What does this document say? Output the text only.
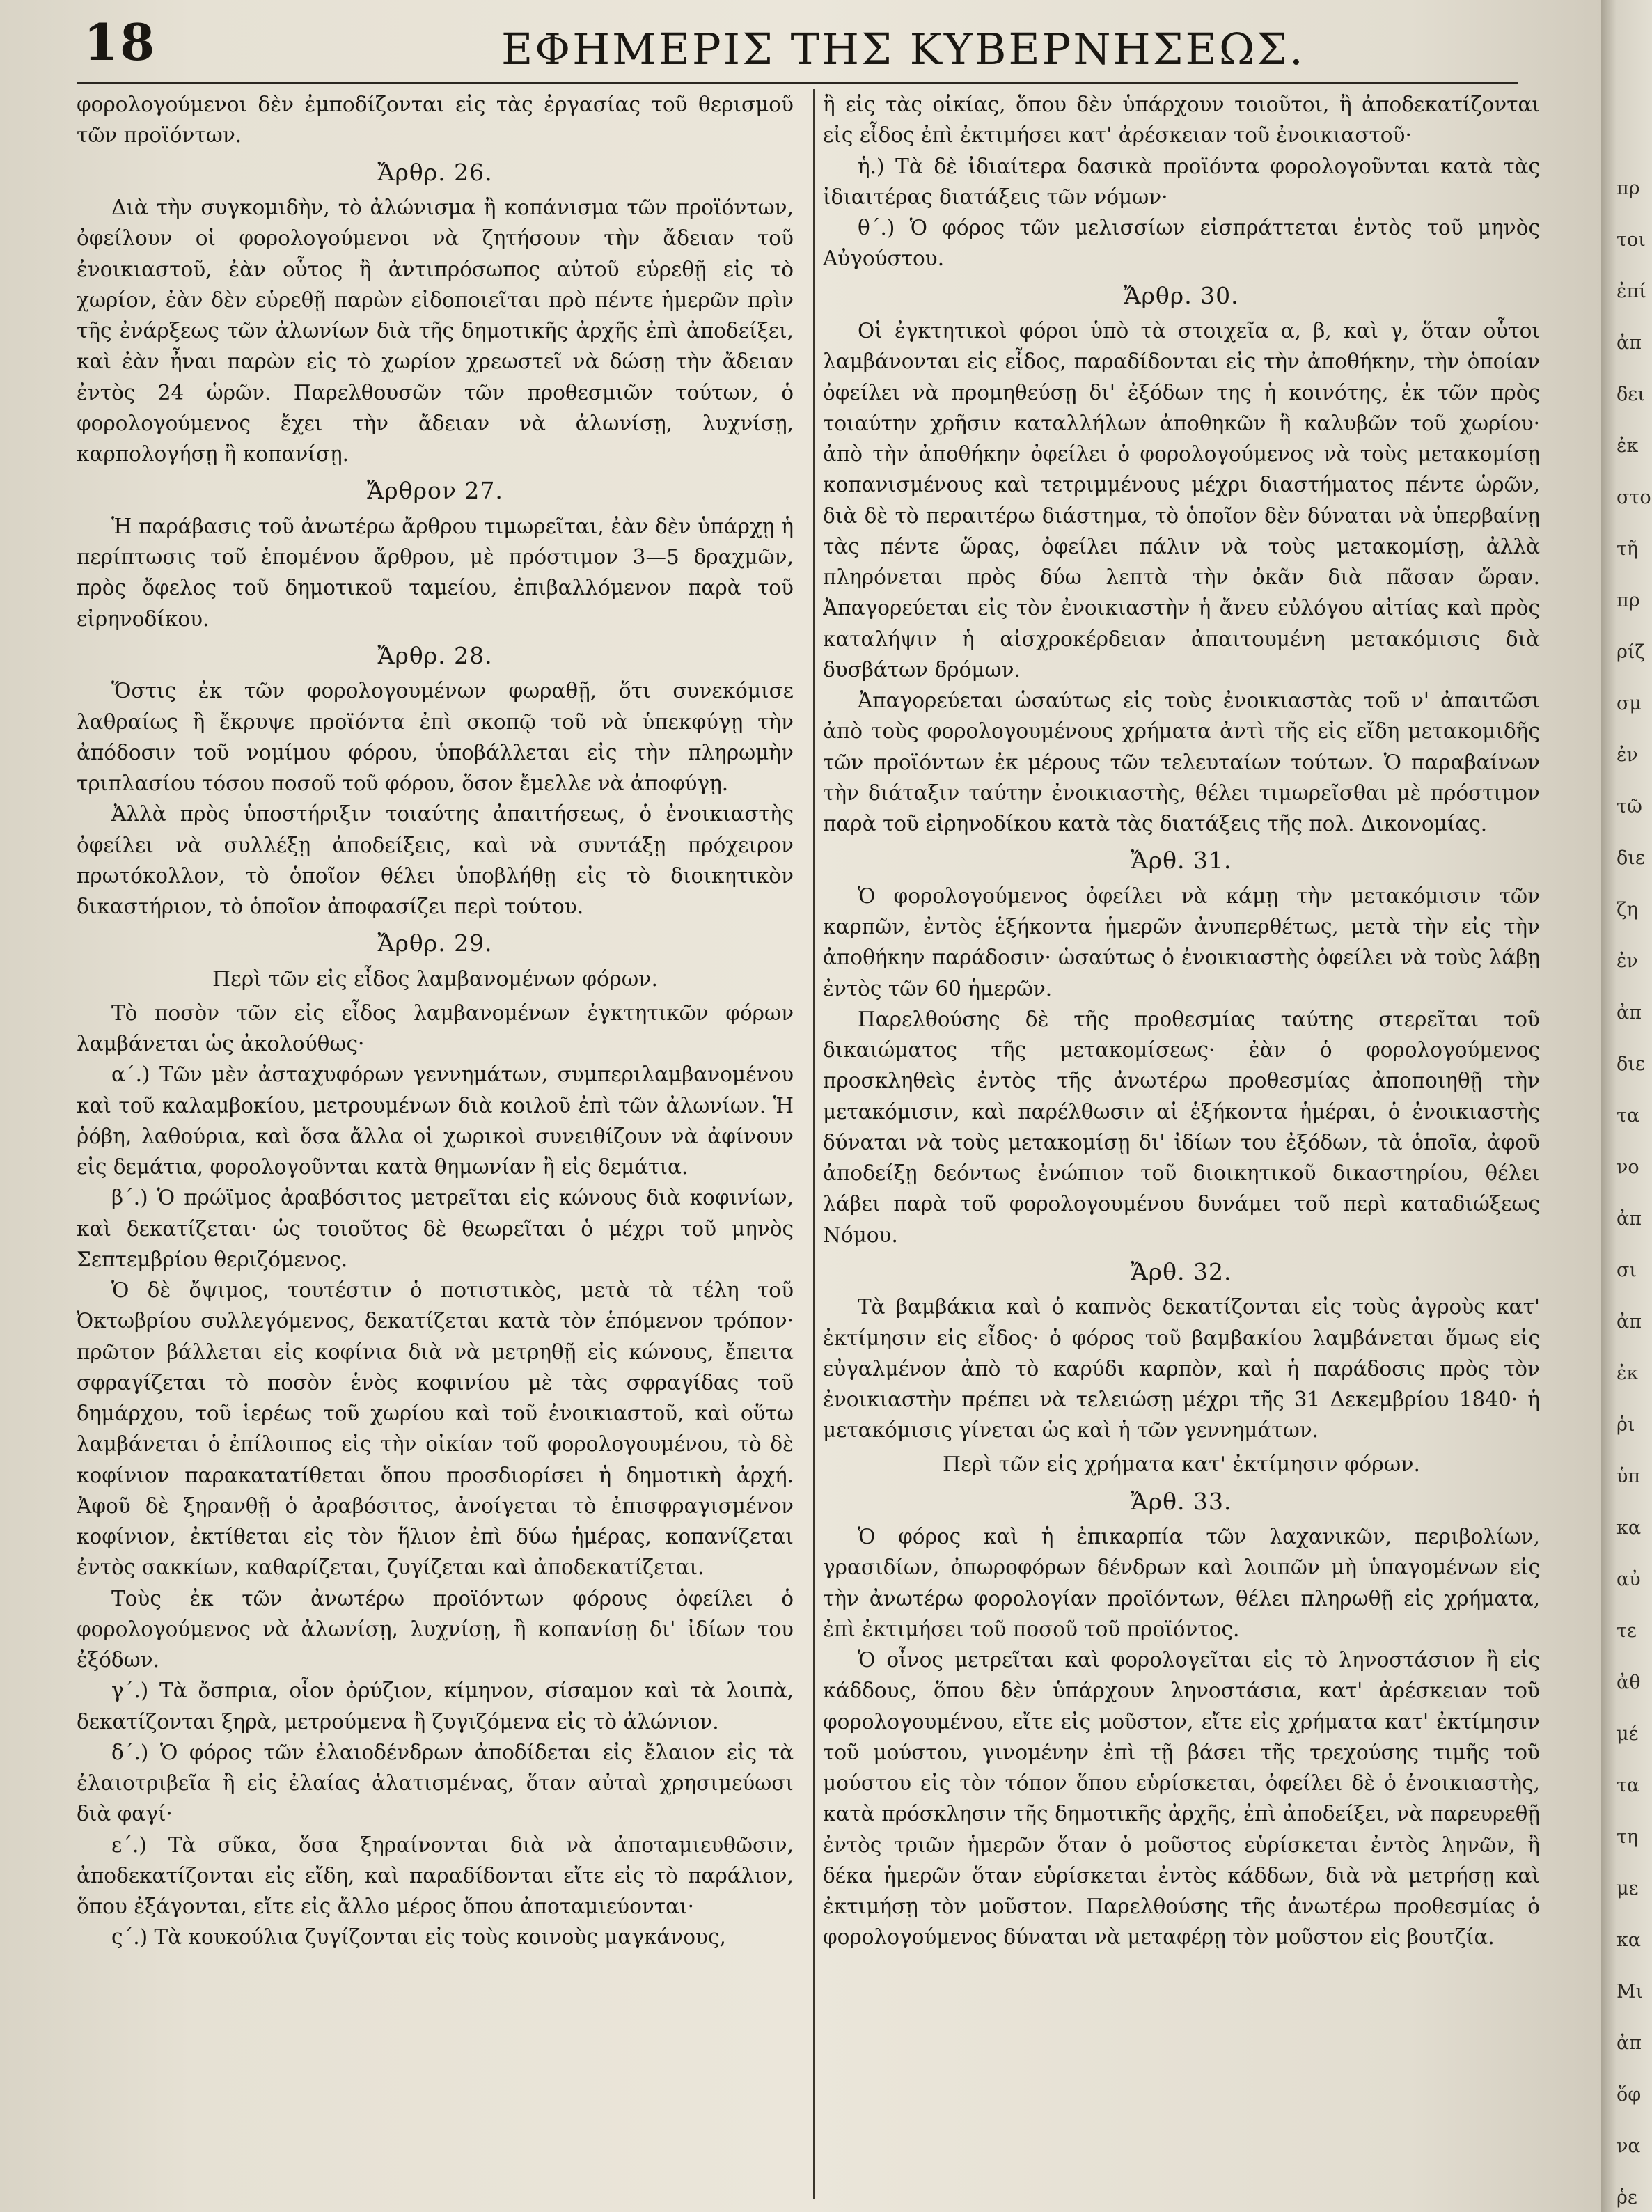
18	ΕΦΗΜΕΡΙΣ ΤΗΣ ΚΥΒΕΡΝΗΣΕΩΣ.

φορολογούμενοι δὲν ἐμποδίζονται εἰς τὰς ἐργασίας τοῦ θερισμοῦ τῶν προϊόντων.

Ἄρθρ. 26.

Διὰ τὴν συγκομιδὴν, τὸ ἀλώνισμα ἢ κοπάνισμα τῶν προϊόντων, ὀφείλουν οἱ φορολογούμενοι νὰ ζητήσουν τὴν ἄδειαν τοῦ ἐνοικιαστοῦ, ἐὰν οὗτος ἢ ἀντιπρόσωπος αὐτοῦ εὑρεθῇ εἰς τὸ χωρίον, ἐὰν δὲν εὑρεθῇ παρὼν εἰδοποιεῖται πρὸ πέντε ἡμερῶν πρὶν τῆς ἐνάρξεως τῶν ἀλωνίων διὰ τῆς δημοτικῆς ἀρχῆς ἐπὶ ἀποδείξει, καὶ ἐὰν ἦναι παρὼν εἰς τὸ χωρίον χρεωστεῖ νὰ δώσῃ τὴν ἄδειαν ἐντὸς 24 ὡρῶν. Παρελθουσῶν τῶν προθεσμιῶν τούτων, ὁ φορολογούμενος ἔχει τὴν ἄδειαν νὰ ἀλωνίσῃ, λυχνίσῃ, καρπολογήσῃ ἢ κοπανίσῃ.

Ἄρθρον 27.

Ἡ παράβασις τοῦ ἀνωτέρω ἄρθρου τιμωρεῖται, ἐὰν δὲν ὑπάρχῃ ἡ περίπτωσις τοῦ ἑπομένου ἄρθρου, μὲ πρόστιμον 3—5 δραχμῶν, πρὸς ὄφελος τοῦ δημοτικοῦ ταμείου, ἐπιβαλλόμενον παρὰ τοῦ εἰρηνοδίκου.

Ἄρθρ. 28.

Ὅστις ἐκ τῶν φορολογουμένων φωραθῇ, ὅτι συνεκόμισε λαθραίως ἢ ἔκρυψε προϊόντα ἐπὶ σκοπῷ τοῦ νὰ ὑπεκφύγῃ τὴν ἀπόδοσιν τοῦ νομίμου φόρου, ὑποβάλλεται εἰς τὴν πληρωμὴν τριπλασίου τόσου ποσοῦ τοῦ φόρου, ὅσον ἔμελλε νὰ ἀποφύγῃ.

Ἀλλὰ πρὸς ὑποστήριξιν τοιαύτης ἀπαιτήσεως, ὁ ἐνοικιαστὴς ὀφείλει νὰ συλλέξῃ ἀποδείξεις, καὶ νὰ συντάξῃ πρόχειρον πρωτόκολλον, τὸ ὁποῖον θέλει ὑποβλήθῃ εἰς τὸ διοικητικὸν δικαστήριον, τὸ ὁποῖον ἀποφασίζει περὶ τούτου.

Ἄρθρ. 29.
Περὶ τῶν εἰς εἶδος λαμβανομένων φόρων.

Τὸ ποσὸν τῶν εἰς εἶδος λαμβανομένων ἐγκτητικῶν φόρων λαμβάνεται ὡς ἀκολούθως·

α΄.) Τῶν μὲν ἀσταχυφόρων γεννημάτων, συμπεριλαμβανομένου καὶ τοῦ καλαμβοκίου, μετρουμένων διὰ κοιλοῦ ἐπὶ τῶν ἀλωνίων. Ἡ ῥόβη, λαθούρια, καὶ ὅσα ἄλλα οἱ χωρικοὶ συνειθίζουν νὰ ἀφίνουν εἰς δεμάτια, φορολογοῦνται κατὰ θημωνίαν ἢ εἰς δεμάτια.

β΄.) Ὁ πρώϊμος ἀραβόσιτος μετρεῖται εἰς κώνους διὰ κοφινίων, καὶ δεκατίζεται· ὡς τοιοῦτος δὲ θεωρεῖται ὁ μέχρι τοῦ μηνὸς Σεπτεμβρίου θεριζόμενος.

Ὁ δὲ ὄψιμος, τουτέστιν ὁ ποτιστικὸς, μετὰ τὰ τέλη τοῦ Ὀκτωβρίου συλλεγόμενος, δεκατίζεται κατὰ τὸν ἑπόμενον τρόπον· πρῶτον βάλλεται εἰς κοφίνια διὰ νὰ μετρηθῇ εἰς κώνους, ἔπειτα σφραγίζεται τὸ ποσὸν ἑνὸς κοφινίου μὲ τὰς σφραγίδας τοῦ δημάρχου, τοῦ ἱερέως τοῦ χωρίου καὶ τοῦ ἐνοικιαστοῦ, καὶ οὕτω λαμβάνεται ὁ ἐπίλοιπος εἰς τὴν οἰκίαν τοῦ φορολογουμένου, τὸ δὲ κοφίνιον παρακατατίθεται ὅπου προσδιορίσει ἡ δημοτικὴ ἀρχή. Ἀφοῦ δὲ ξηρανθῇ ὁ ἀραβόσιτος, ἀνοίγεται τὸ ἐπισφραγισμένον κοφίνιον, ἐκτίθεται εἰς τὸν ἥλιον ἐπὶ δύω ἡμέρας, κοπανίζεται ἐντὸς σακκίων, καθαρίζεται, ζυγίζεται καὶ ἀποδεκατίζεται.

Τοὺς ἐκ τῶν ἀνωτέρω προϊόντων φόρους ὀφείλει ὁ φορολογούμενος νὰ ἀλωνίσῃ, λυχνίσῃ, ἢ κοπανίσῃ δι' ἰδίων του ἐξόδων.

γ΄.) Τὰ ὄσπρια, οἷον ὀρύζιον, κίμηνον, σίσαμον καὶ τὰ λοιπὰ, δεκατίζονται ξηρὰ, μετρούμενα ἢ ζυγιζόμενα εἰς τὸ ἀλώνιον.

δ΄.) Ὁ φόρος τῶν ἐλαιοδένδρων ἀποδίδεται εἰς ἔλαιον εἰς τὰ ἐλαιοτριβεῖα ἢ εἰς ἐλαίας ἁλατισμένας, ὅταν αὐταὶ χρησιμεύωσι διὰ φαγί·

ε΄.) Τὰ σῦκα, ὅσα ξηραίνονται διὰ νὰ ἀποταμιευθῶσιν, ἀποδεκατίζονται εἰς εἴδη, καὶ παραδίδονται εἴτε εἰς τὸ παράλιον, ὅπου ἐξάγονται, εἴτε εἰς ἄλλο μέρος ὅπου ἀποταμιεύονται·

ς΄.) Τὰ κουκούλια ζυγίζονται εἰς τοὺς κοινοὺς μαγκάνους,

ἢ εἰς τὰς οἰκίας, ὅπου δὲν ὑπάρχουν τοιοῦτοι, ἢ ἀποδεκατίζονται εἰς εἶδος ἐπὶ ἐκτιμήσει κατ' ἀρέσκειαν τοῦ ἐνοικιαστοῦ·

ἡ.) Τὰ δὲ ἰδιαίτερα δασικὰ προϊόντα φορολογοῦνται κατὰ τὰς ἰδιαιτέρας διατάξεις τῶν νόμων·

θ΄.) Ὁ φόρος τῶν μελισσίων εἰσπράττεται ἐντὸς τοῦ μηνὸς Αὐγούστου.

Ἄρθρ. 30.

Οἱ ἐγκτητικοὶ φόροι ὑπὸ τὰ στοιχεῖα α, β, καὶ γ, ὅταν οὗτοι λαμβάνονται εἰς εἶδος, παραδίδονται εἰς τὴν ἀποθήκην, τὴν ὁποίαν ὀφείλει νὰ προμηθεύσῃ δι' ἐξόδων της ἡ κοινότης, ἐκ τῶν πρὸς τοιαύτην χρῆσιν καταλλήλων ἀποθηκῶν ἢ καλυβῶν τοῦ χωρίου· ἀπὸ τὴν ἀποθήκην ὀφείλει ὁ φορολογούμενος νὰ τοὺς μετακομίσῃ κοπανισμένους καὶ τετριμμένους μέχρι διαστήματος πέντε ὡρῶν, διὰ δὲ τὸ περαιτέρω διάστημα, τὸ ὁποῖον δὲν δύναται νὰ ὑπερβαίνῃ τὰς πέντε ὥρας, ὀφείλει πάλιν νὰ τοὺς μετακομίσῃ, ἀλλὰ πληρόνεται πρὸς δύω λεπτὰ τὴν ὀκᾶν διὰ πᾶσαν ὥραν. Ἀπαγορεύεται εἰς τὸν ἐνοικιαστὴν ἡ ἄνευ εὐλόγου αἰτίας καὶ πρὸς καταλήψιν ἡ αἰσχροκέρδειαν ἀπαιτουμένη μετακόμισις διὰ δυσβάτων δρόμων.

Ἀπαγορεύεται ὡσαύτως εἰς τοὺς ἐνοικιαστὰς τοῦ ν' ἀπαιτῶσι ἀπὸ τοὺς φορολογουμένους χρήματα ἀντὶ τῆς εἰς εἴδη μετακομιδῆς τῶν προϊόντων ἐκ μέρους τῶν τελευταίων τούτων. Ὁ παραβαίνων τὴν διάταξιν ταύτην ἐνοικιαστὴς, θέλει τιμωρεῖσθαι μὲ πρόστιμον παρὰ τοῦ εἰρηνοδίκου κατὰ τὰς διατάξεις τῆς πολ. Δικονομίας.

Ἄρθ. 31.

Ὁ φορολογούμενος ὀφείλει νὰ κάμῃ τὴν μετακόμισιν τῶν καρπῶν, ἐντὸς ἑξήκοντα ἡμερῶν ἀνυπερθέτως, μετὰ τὴν εἰς τὴν ἀποθήκην παράδοσιν· ὡσαύτως ὁ ἐνοικιαστὴς ὀφείλει νὰ τοὺς λάβῃ ἐντὸς τῶν 60 ἡμερῶν.

Παρελθούσης δὲ τῆς προθεσμίας ταύτης στερεῖται τοῦ δικαιώματος τῆς μετακομίσεως· ἐὰν ὁ φορολογούμενος προσκληθεὶς ἐντὸς τῆς ἀνωτέρω προθεσμίας ἀποποιηθῇ τὴν μετακόμισιν, καὶ παρέλθωσιν αἱ ἑξήκοντα ἡμέραι, ὁ ἐνοικιαστὴς δύναται νὰ τοὺς μετακομίσῃ δι' ἰδίων του ἐξόδων, τὰ ὁποῖα, ἀφοῦ ἀποδείξῃ δεόντως ἐνώπιον τοῦ διοικητικοῦ δικαστηρίου, θέλει λάβει παρὰ τοῦ φορολογουμένου δυνάμει τοῦ περὶ καταδιώξεως Νόμου.

Ἄρθ. 32.

Τὰ βαμβάκια καὶ ὁ καπνὸς δεκατίζονται εἰς τοὺς ἀγροὺς κατ' ἐκτίμησιν εἰς εἶδος· ὁ φόρος τοῦ βαμβακίου λαμβάνεται ὅμως εἰς εὐγαλμένον ἀπὸ τὸ καρύδι καρπὸν, καὶ ἡ παράδοσις πρὸς τὸν ἐνοικιαστὴν πρέπει νὰ τελειώσῃ μέχρι τῆς 31 Δεκεμβρίου 1840· ἡ μετακόμισις γίνεται ὡς καὶ ἡ τῶν γεννημάτων.

Περὶ τῶν εἰς χρήματα κατ' ἐκτίμησιν φόρων.
Ἄρθ. 33.

Ὁ φόρος καὶ ἡ ἐπικαρπία τῶν λαχανικῶν, περιβολίων, γρασιδίων, ὀπωροφόρων δένδρων καὶ λοιπῶν μὴ ὑπαγομένων εἰς τὴν ἀνωτέρω φορολογίαν προϊόντων, θέλει πληρωθῇ εἰς χρήματα, ἐπὶ ἐκτιμήσει τοῦ ποσοῦ τοῦ προϊόντος.

Ὁ οἶνος μετρεῖται καὶ φορολογεῖται εἰς τὸ ληνοστάσιον ἢ εἰς κάδδους, ὅπου δὲν ὑπάρχουν ληνοστάσια, κατ' ἀρέσκειαν τοῦ φορολογουμένου, εἴτε εἰς μοῦστον, εἴτε εἰς χρήματα κατ' ἐκτίμησιν τοῦ μούστου, γινομένην ἐπὶ τῇ βάσει τῆς τρεχούσης τιμῆς τοῦ μούστου εἰς τὸν τόπον ὅπου εὑρίσκεται, ὀφείλει δὲ ὁ ἐνοικιαστὴς, κατὰ πρόσκλησιν τῆς δημοτικῆς ἀρχῆς, ἐπὶ ἀποδείξει, νὰ παρευρεθῇ ἐντὸς τριῶν ἡμερῶν ὅταν ὁ μοῦστος εὑρίσκεται ἐντὸς ληνῶν, ἢ δέκα ἡμερῶν ὅταν εὑρίσκεται ἐντὸς κάδδων, διὰ νὰ μετρήσῃ καὶ ἐκτιμήσῃ τὸν μοῦστον. Παρελθούσης τῆς ἀνωτέρω προθεσμίας ὁ φορολογούμενος δύναται νὰ μεταφέρῃ τὸν μοῦστον εἰς βουτζία.

πρ
τοι
ἐπί
ἀπ
δει
ἐκ
στο
τῆ
πρ
ρίζ
σμ
ἐν
τῶ
διε
ζη
ἐν
ἀπ
διε
τα
νο
ἀπ
σι
ἀπ
ἐκ
ῥι
ὑπ
κα
αὐ
τε
ἀθ
μέ
τα
τη
με
κα
Μι
ἀπ
ὅφ
να
ῥε
